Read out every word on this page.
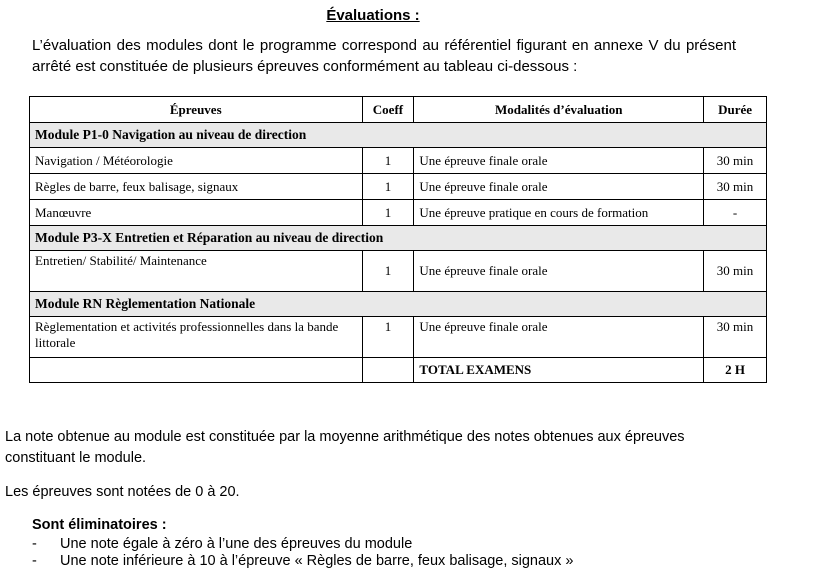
Évaluations :
L’évaluation des modules dont le programme correspond au référentiel figurant en annexe V du présent arrêté est constituée de plusieurs épreuves conformément au tableau ci-dessous :
Épreuves	Coeff	Modalités d’évaluation	Durée
Module P1-0 Navigation au niveau de direction			
Navigation / Météorologie	1	Une épreuve finale orale	30 min
Règles de barre, feux balisage, signaux	1	Une épreuve finale orale	30 min
Manœuvre	1	Une épreuve pratique en cours de formation	-
Module P3-X Entretien et Réparation au niveau de direction			
Entretien/ Stabilité/ Maintenance	1	Une épreuve finale orale	30 min
Module RN Règlementation Nationale			
Règlementation et activités professionnelles dans la bande littorale	1	Une épreuve finale orale	30 min
		TOTAL EXAMENS	2 H
La note obtenue au module est constituée par la moyenne arithmétique des notes obtenues aux épreuves constituant le module.
Les épreuves sont notées de 0 à 20.
Sont éliminatoires :
-	Une note égale à zéro à l’une des épreuves du module
-	Une note inférieure à 10 à l’épreuve « Règles de barre, feux balisage, signaux »
